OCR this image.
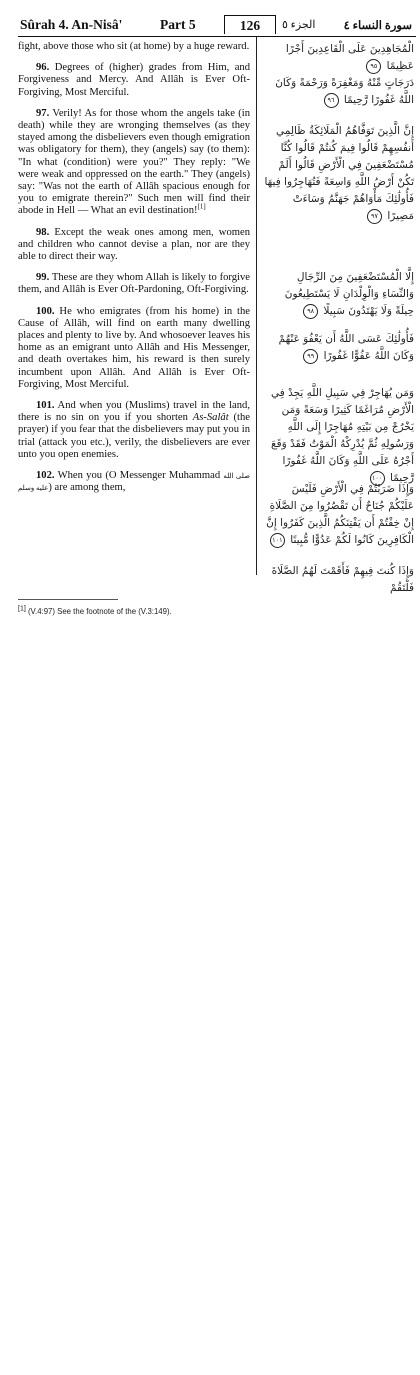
Sûrah 4. An-Nisâ'	Part 5	126	الجزء ٥ سورة النساء ٤

fight, above those who sit (at home) by a huge reward.

96. Degrees of (higher) grades from Him, and Forgiveness and Mercy. And Allâh is Ever Oft-Forgiving, Most Merciful.

97. Verily! As for those whom the angels take (in death) while they are wronging themselves (as they stayed among the disbelievers even though emigration was obligatory for them), they (angels) say (to them): "In what (condition) were you?" They reply: "We were weak and oppressed on the earth." They (angels) say: "Was not the earth of Allâh spacious enough for you to emigrate therein?" Such men will find their abode in Hell — What an evil destination![1]

98. Except the weak ones among men, women and children who cannot devise a plan, nor are they able to direct their way.

99. These are they whom Allah is likely to forgive them, and Allâh is Ever Oft-Pardoning, Oft-Forgiving.

100. He who emigrates (from his home) in the Cause of Allâh, will find on earth many dwelling places and plenty to live by. And whosoever leaves his home as an emigrant unto Allâh and His Messenger, and death overtakes him, his reward is then surely incumbent upon Allâh. And Allâh is Ever Oft-Forgiving, Most Merciful.

101. And when you (Muslims) travel in the land, there is no sin on you if you shorten As-Salât (the prayer) if you fear that the disbelievers may put you in trial (attack you etc.), verily, the disbelievers are ever unto you open enemies.

102. When you (O Messenger Muhammad صلى الله عليه وسلم) are among them,

الْمُجَاهِدِينَ عَلَى الْقَاعِدِينَ أَجْرًا عَظِيمًا ٩٥
دَرَجَاتٍ مِّنْهُ وَمَغْفِرَةً وَرَحْمَةً وَكَانَ اللَّهُ غَفُورًا رَّحِيمًا ٩٦
إِنَّ الَّذِينَ تَوَفَّاهُمُ الْمَلَائِكَةُ ظَالِمِي أَنفُسِهِمْ قَالُوا فِيمَ كُنتُمْ قَالُوا كُنَّا مُسْتَضْعَفِينَ فِي الْأَرْضِ قَالُوا أَلَمْ تَكُنْ أَرْضُ اللَّهِ وَاسِعَةً فَتُهَاجِرُوا فِيهَا فَأُولَٰئِكَ مَأْوَاهُمْ جَهَنَّمُ وَسَاءَتْ مَصِيرًا ٩٧
إِلَّا الْمُسْتَضْعَفِينَ مِنَ الرِّجَالِ وَالنِّسَاءِ وَالْوِلْدَانِ لَا يَسْتَطِيعُونَ حِيلَةً وَلَا يَهْتَدُونَ سَبِيلًا ٩٨
فَأُولَٰئِكَ عَسَى اللَّهُ أَن يَعْفُوَ عَنْهُمْ وَكَانَ اللَّهُ عَفُوًّا غَفُورًا ٩٩
وَمَن يُهَاجِرْ فِي سَبِيلِ اللَّهِ يَجِدْ فِي الْأَرْضِ مُرَاغَمًا كَثِيرًا وَسَعَةً وَمَن يَخْرُجْ مِن بَيْتِهِ مُهَاجِرًا إِلَى اللَّهِ وَرَسُولِهِ ثُمَّ يُدْرِكْهُ الْمَوْتُ فَقَدْ وَقَعَ أَجْرُهُ عَلَى اللَّهِ وَكَانَ اللَّهُ غَفُورًا رَّحِيمًا ١٠٠
وَإِذَا ضَرَبْتُمْ فِي الْأَرْضِ فَلَيْسَ عَلَيْكُمْ جُنَاحٌ أَن تَقْصُرُوا مِنَ الصَّلَاةِ إِنْ خِفْتُمْ أَن يَفْتِنَكُمُ الَّذِينَ كَفَرُوا إِنَّ الْكَافِرِينَ كَانُوا لَكُمْ عَدُوًّا مُّبِينًا ١٠١
وَإِذَا كُنتَ فِيهِمْ فَأَقَمْتَ لَهُمُ الصَّلَاةَ فَلْتَقُمْ
[1] (V.4:97) See the footnote of the (V.3:149).
